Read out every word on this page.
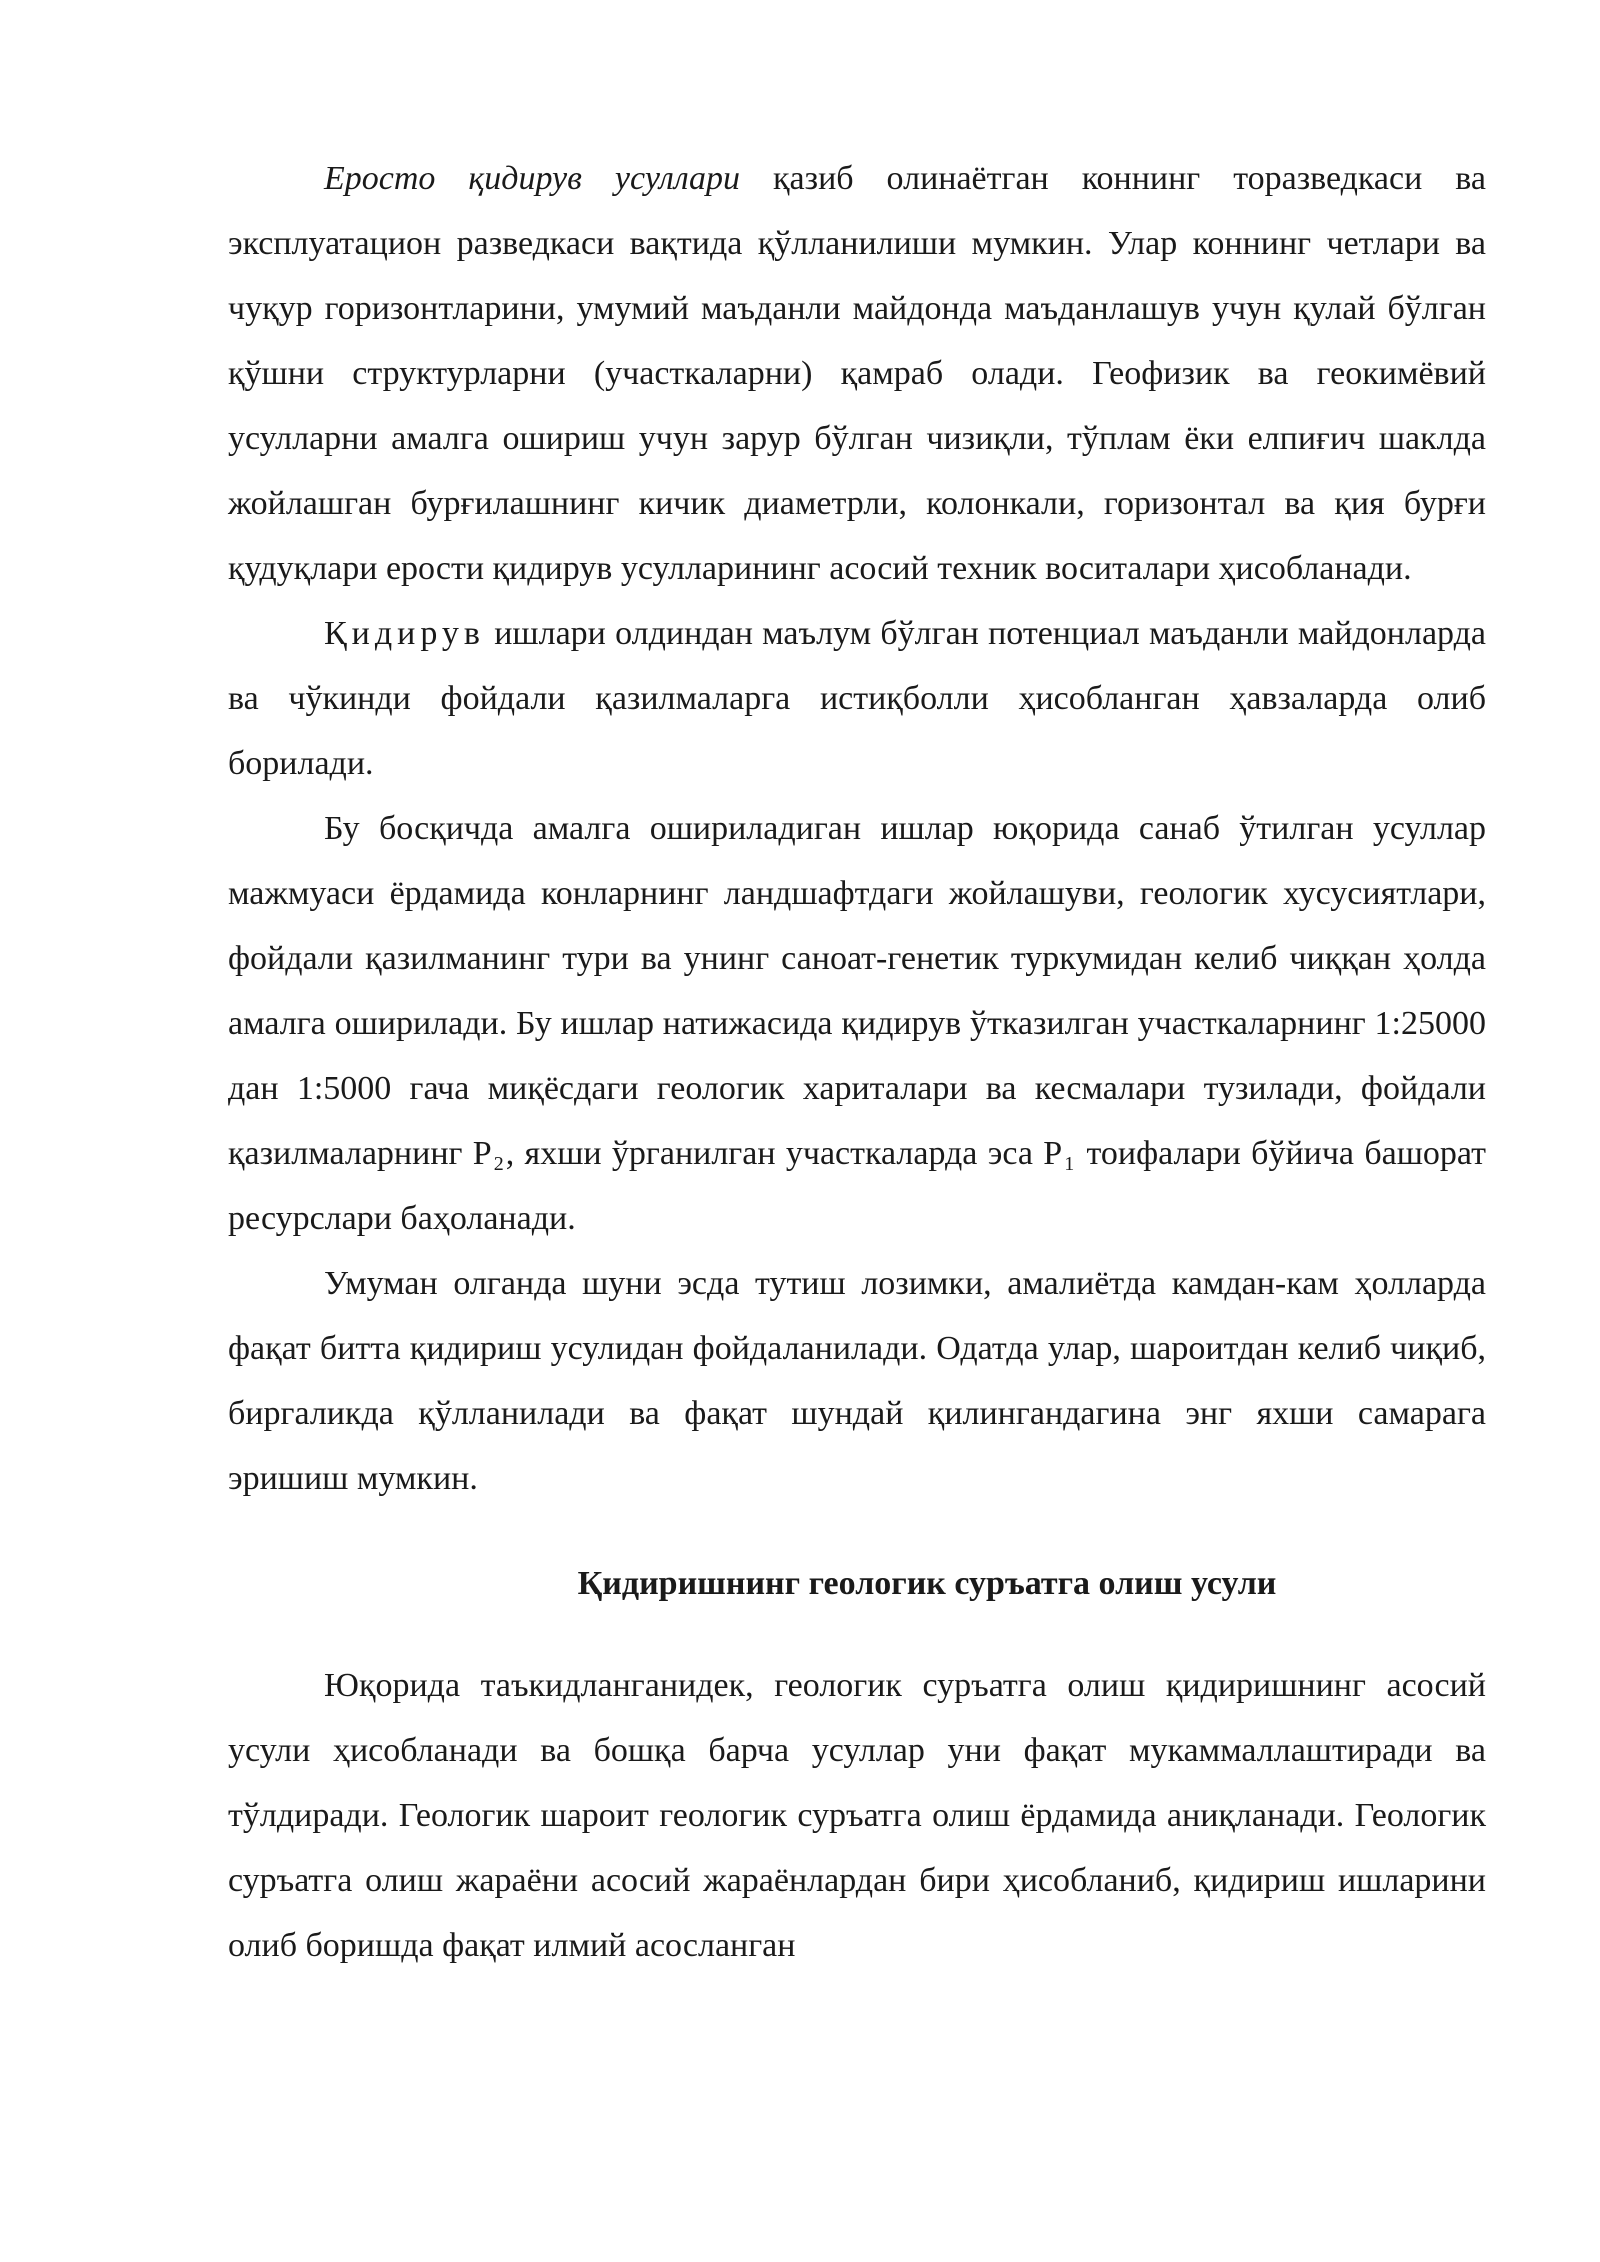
Еросто қидирув усуллари қазиб олинаётган коннинг торазведкаси ва эксплуатацион разведкаси вақтида қўлланилиши мумкин. Улар коннинг четлари ва чуқур горизонтларини, умумий маъданли майдонда маъданлашув учун қулай бўлган қўшни структурларни (участкаларни) қамраб олади. Геофизик ва геокимёвий усулларни амалга ошириш учун зарур бўлган чизиқли, тўплам ёки елпиғич шаклда жойлашган бурғилашнинг кичик диаметрли, колонкали, горизонтал ва қия бурғи қудуқлари ерости қидирув усулларининг асосий техник воситалари ҳисобланади.

Қидирув ишлари олдиндан маълум бўлган потенциал маъданли майдонларда ва чўкинди фойдали қазилмаларга истиқболли ҳисобланган ҳавзаларда олиб борилади.

Бу босқичда амалга ошириладиган ишлар юқорида санаб ўтилган усуллар мажмуаси ёрдамида конларнинг ландшафтдаги жойлашуви, геологик хусусиятлари, фойдали қазилманинг тури ва унинг саноат-генетик туркумидан келиб чиққан ҳолда амалга оширилади. Бу ишлар натижасида қидирув ўтказилган участкаларнинг 1:25000 дан 1:5000 гача миқёсдаги геологик хариталари ва кесмалари тузилади, фойдали қазилмаларнинг Р $_2$, яхши ўрганилган участкаларда эса Р $_1$ тоифалари бўйича башорат ресурслари баҳоланади.

Умуман олганда шуни эсда тутиш лозимки, амалиётда камдан-кам ҳолларда фақат битта қидириш усулидан фойдаланилади. Одатда улар, шароитдан келиб чиқиб, биргаликда қўлланилади ва фақат шундай қилингандагина энг яхши самарага эришиш мумкин.

Қидиришнинг геологик суръатга олиш усули

Юқорида таъкидланганидек, геологик суръатга олиш қидиришнинг асосий усули ҳисобланади ва бошқа барча усуллар уни фақат мукаммаллаштиради ва тўлдиради. Геологик шароит геологик суръатга олиш ёрдамида аниқланади. Геологик суръатга олиш жараёни асосий жараёнлардан бири ҳисобланиб, қидириш ишларини олиб боришда фақат илмий асосланган
